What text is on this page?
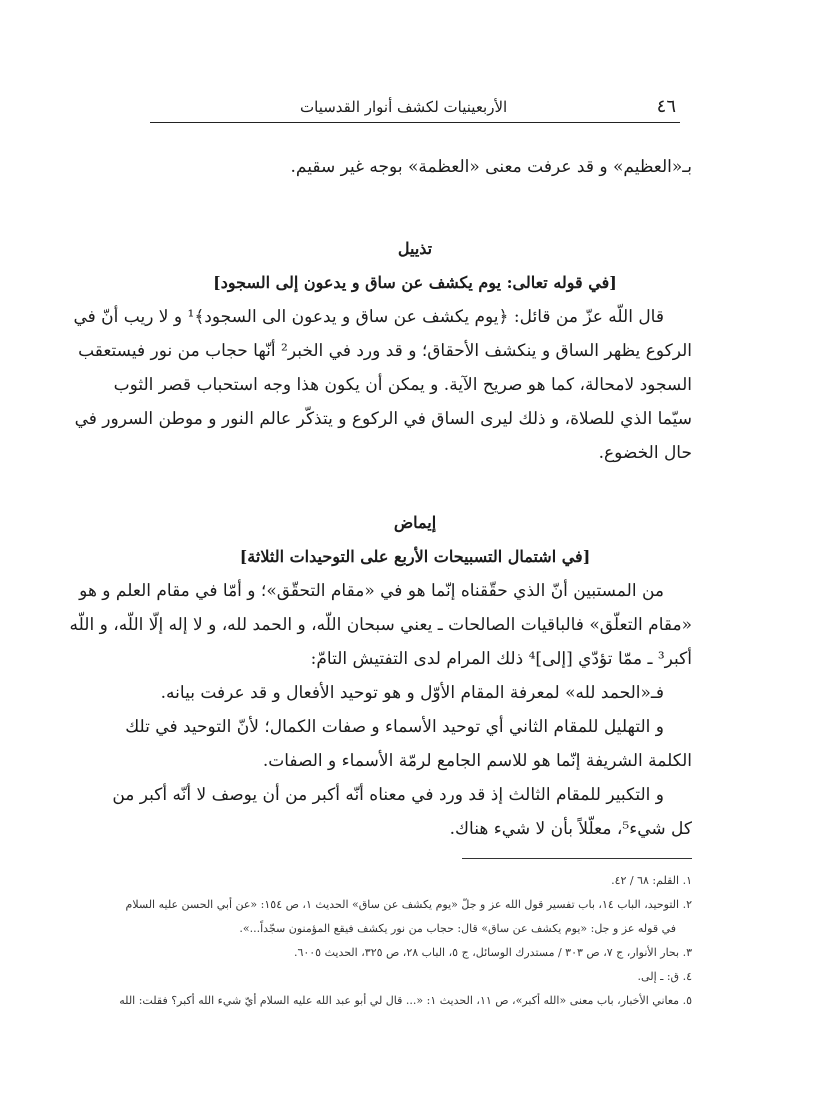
٤٦
الأربعينيات لكشف أنوار القدسيات
بـ«العظيم» و قد عرفت معنى «العظمة» بوجه غير سقيم.
تذييل
[في قوله تعالى: يوم يكشف عن ساق و يدعون إلى السجود]
قال اللّه عزّ من قائل: ﴿يوم يكشف عن ساق و يدعون الى السجود﴾¹ و لا ريب أنّ في
الركوع يظهر الساق و ينكشف الأحقاق؛ و قد ورد في الخبر² أنّها حجاب من نور فيستعقب
السجود لامحالة، كما هو صريح الآية. و يمكن أن يكون هذا وجه استحباب قصر الثوب
سيّما الذي للصلاة، و ذلك ليرى الساق في الركوع و يتذكّر عالم النور و موطن السرور في
حال الخضوع.
إيماض
[في اشتمال التسبيحات الأربع على التوحيدات الثلاثة]
من المستبين أنّ الذي حقّقناه إنّما هو في «مقام التحقّق»؛ و أمّا في مقام العلم و هو
«مقام التعلّق» فالباقيات الصالحات ـ يعني سبحان اللّه، و الحمد لله، و لا إله إلّا اللّه، و اللّه
أكبر³ ـ ممّا تؤدّي [إلى]⁴ ذلك المرام لدى التفتيش التامّ:
فـ«الحمد لله» لمعرفة المقام الأوّل و هو توحيد الأفعال و قد عرفت بيانه.
و التهليل للمقام الثاني أي توحيد الأسماء و صفات الكمال؛ لأنّ التوحيد في تلك
الكلمة الشريفة إنّما هو للاسم الجامع لرمّة الأسماء و الصفات.
و التكبير للمقام الثالث إذ قد ورد في معناه أنّه أكبر من أن يوصف لا أنّه أكبر من
كل شيء⁵، معلّلاً بأن لا شيء هناك.
١. القلم: ٦٨ / ٤٢.
٢. التوحيد، الباب ١٤، باب تفسير قول الله عز و جلّ «يوم يكشف عن ساق» الحديث ١، ص ١٥٤: «عن أبي الحسن عليه السلام
في قوله عز و جل: «يوم يكشف عن ساق» قال: حجاب من نور يكشف فيقع المؤمنون سجّداً...».
٣. بحار الأنوار، ج ٧، ص ٣٠٣ / مستدرك الوسائل، ج ٥، الباب ٢٨، ص ٣٢٥، الحديث ٦٠٠٥.
٤. ق: ـ إلى.
٥. معاني الأخبار، باب معنى «الله أكبر»، ص ١١، الحديث ١: «... قال لي أبو عبد الله عليه السلام أيّ شيء الله أكبر؟ فقلت: الله
